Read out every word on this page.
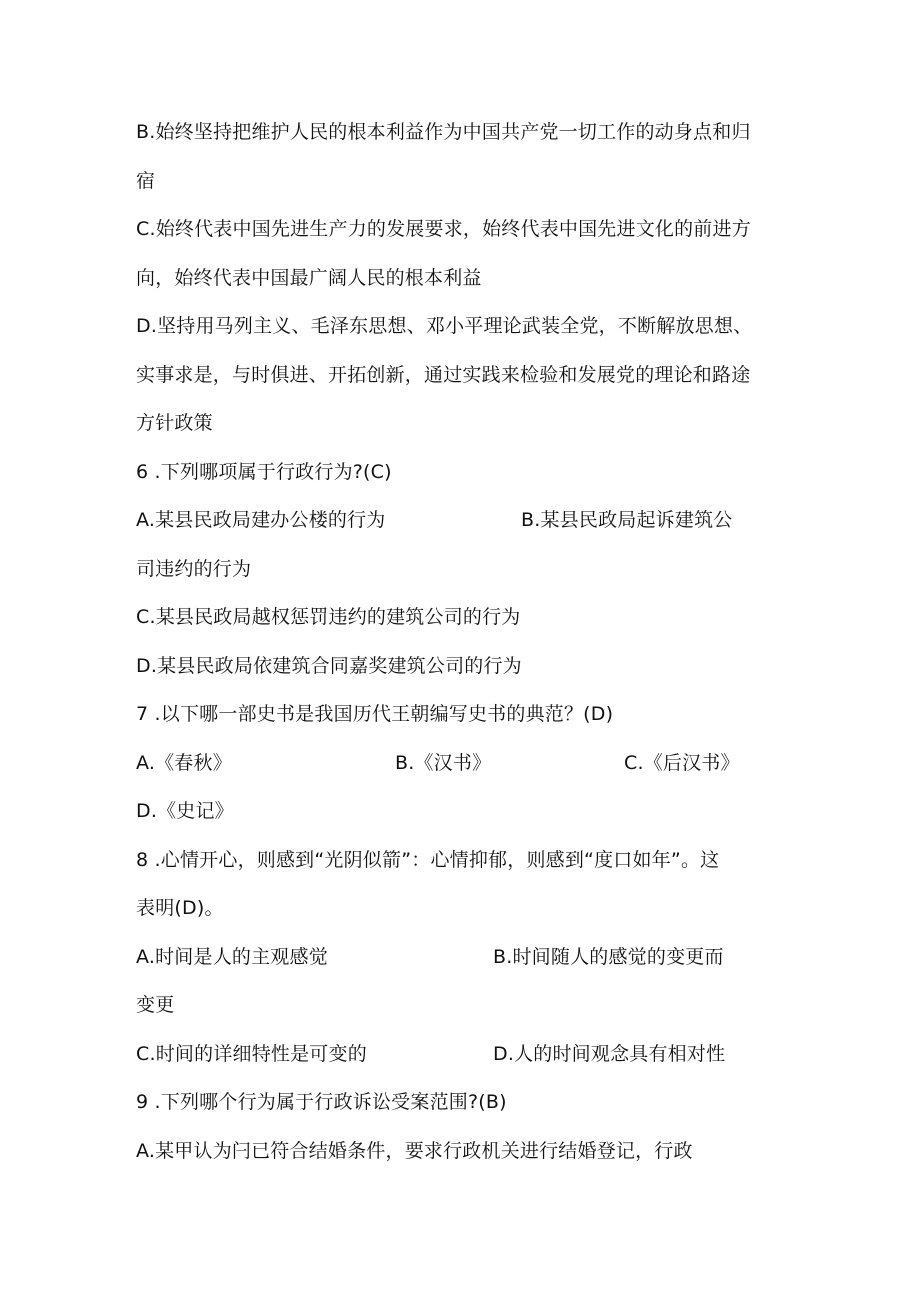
B.始终坚持把维护人民的根本利益作为中国共产党一切工作的动身点和归
宿
C.始终代表中国先进生产力的发展要求，始终代表中国先进文化的前进方
向，始终代表中国最广阔人民的根本利益
D.坚持用马列主义、毛泽东思想、邓小平理论武装全党，不断解放思想、
实事求是，与时俱进、开拓创新，通过实践来检验和发展党的理论和路途
方针政策
6 .下列哪项属于行政行为?(C)
A.某县民政局建办公楼的行为	B.某县民政局起诉建筑公
司违约的行为
C.某县民政局越权惩罚违约的建筑公司的行为
D.某县民政局依建筑合同嘉奖建筑公司的行为
7 .以下哪一部史书是我国历代王朝编写史书的典范？(D)
A.《春秋》	B.《汉书》	C.《后汉书》
D.《史记》
8 .心情开心，则感到“光阴似箭”：心情抑郁，则感到“度口如年”。这
表明(D)。
A.时间是人的主观感觉	B.时间随人的感觉的变更而
变更
C.时间的详细特性是可变的	D.人的时间观念具有相对性
9 .下列哪个行为属于行政诉讼受案范围?(B)
A.某甲认为闩已符合结婚条件，要求行政机关进行结婚登记，行政
